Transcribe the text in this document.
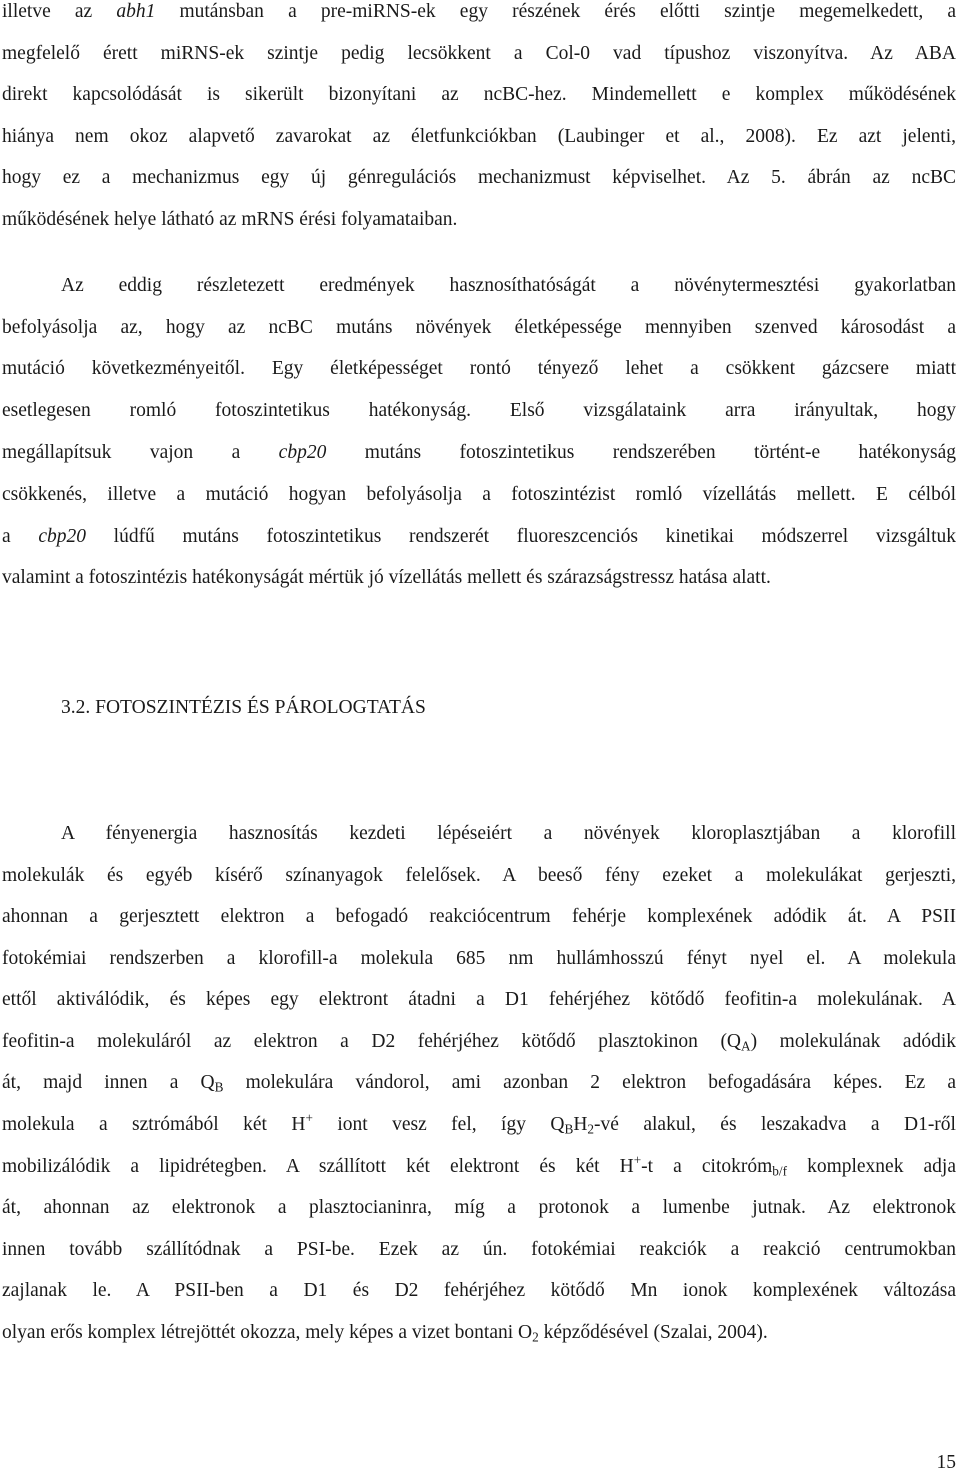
illetve az abh1 mutánsban a pre-miRNS-ek egy részének érés előtti szintje megemelkedett, a
megfelelő érett miRNS-ek szintje pedig lecsökkent a Col-0 vad típushoz viszonyítva. Az ABA
direkt kapcsolódását is sikerült bizonyítani az ncBC-hez. Mindemellett e komplex működésének
hiánya nem okoz alapvető zavarokat az életfunkciókban (Laubinger et al., 2008). Ez azt jelenti,
hogy ez a mechanizmus egy új génregulációs mechanizmust képviselhet. Az 5. ábrán az ncBC
működésének helye látható az mRNS érési folyamataiban.
Az eddig részletezett eredmények hasznosíthatóságát a növénytermesztési gyakorlatban
befolyásolja az, hogy az ncBC mutáns növények életképessége mennyiben szenved károsodást a
mutáció következményeitől. Egy életképességet rontó tényező lehet a csökkent gázcsere miatt
esetlegesen romló fotoszintetikus hatékonyság. Első vizsgálataink arra irányultak, hogy
megállapítsuk vajon a cbp20 mutáns fotoszintetikus rendszerében történt-e hatékonyság
csökkenés, illetve a mutáció hogyan befolyásolja a fotoszintézist romló vízellátás mellett. E célból
a cbp20 lúdfű mutáns fotoszintetikus rendszerét fluoreszcenciós kinetikai módszerrel vizsgáltuk
valamint a fotoszintézis hatékonyságát mértük jó vízellátás mellett és szárazságstressz hatása alatt.
3.2. FOTOSZINTÉZIS ÉS PÁROLOGTATÁS
A fényenergia hasznosítás kezdeti lépéseiért a növények kloroplasztjában a klorofill
molekulák és egyéb kísérő színanyagok felelősek. A beeső fény ezeket a molekulákat gerjeszti,
ahonnan a gerjesztett elektron a befogadó reakciócentrum fehérje komplexének adódik át. A PSII
fotokémiai rendszerben a klorofill-a molekula 685 nm hullámhosszú fényt nyel el. A molekula
ettől aktiválódik, és képes egy elektront átadni a D1 fehérjéhez kötődő feofitin-a molekulának. A
feofitin-a molekuláról az elektron a D2 fehérjéhez kötődő plasztokinon $(Q_A)$ molekulának adódik
át, majd innen a $Q_B$ molekulára vándorol, ami azonban 2 elektron befogadására képes. Ez a
molekula a sztrómából két H+ iont vesz fel, így $Q_BH_2-vé$ alakul, és leszakadva a D1-ről
mobilizálódik a lipidrétegben. A szállított két elektront és két H+-t a citokróm$_{b/f}$ komplexnek adja
át, ahonnan az elektronok a plasztocianinra, míg a protonok a lumenbe jutnak. Az elektronok
innen tovább szállítódnak a PSI-be. Ezek az ún. fotokémiai reakciók a reakció centrumokban
zajlanak le. A PSII-ben a D1 és D2 fehérjéhez kötődő Mn ionok komplexének változása
olyan erős komplex létrejöttét okozza, mely képes a vizet bontani $O_2$ képződésével (Szalai, 2004).
15
